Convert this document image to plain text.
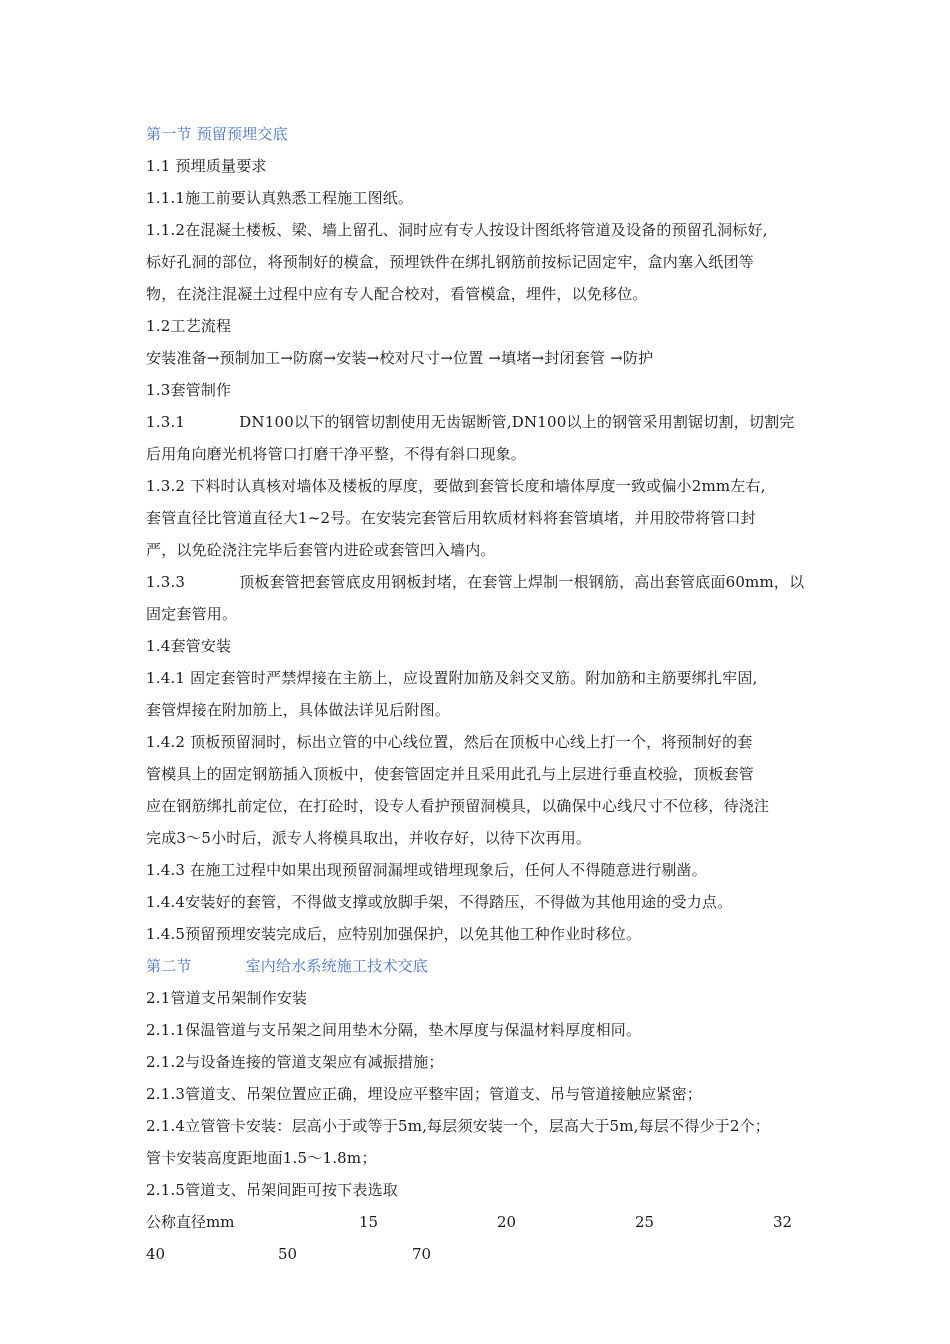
第一节 预留预埋交底
1.1 预埋质量要求
1.1.1施工前要认真熟悉工程施工图纸。
1.1.2在混凝土楼板、梁、墙上留孔、洞时应有专人按设计图纸将管道及设备的预留孔洞标好,
标好孔洞的部位，将预制好的模盒，预埋铁件在绑扎钢筋前按标记固定牢，盒内塞入纸团等
物，在浇注混凝土过程中应有专人配合校对，看管模盒，埋件，以免移位。
1.2工艺流程
安装准备→预制加工→防腐→安装→校对尺寸→位置 →填堵→封闭套管 →防护
1.3套管制作
1.3.1	DN100以下的钢管切割使用无齿锯断管,DN100以上的钢管采用割锯切割，切割完
后用角向磨光机将管口打磨干净平整，不得有斜口现象。
1.3.2 下料时认真核对墙体及楼板的厚度，要做到套管长度和墙体厚度一致或偏小2mm左右,
套管直径比管道直径大1~2号。在安装完套管后用软质材料将套管填堵，并用胶带将管口封
严，以免砼浇注完毕后套管内进砼或套管凹入墙内。
1.3.3	顶板套管把套管底皮用钢板封堵，在套管上焊制一根钢筋，高出套管底面60mm，以
固定套管用。
1.4套管安装
1.4.1 固定套管时严禁焊接在主筋上，应设置附加筋及斜交叉筋。附加筋和主筋要绑扎牢固,
套管焊接在附加筋上，具体做法详见后附图。
1.4.2 顶板预留洞时，标出立管的中心线位置，然后在顶板中心线上打一个，将预制好的套
管模具上的固定钢筋插入顶板中，使套管固定并且采用此孔与上层进行垂直校验，顶板套管
应在钢筋绑扎前定位，在打砼时，设专人看护预留洞模具，以确保中心线尺寸不位移，待浇注
完成3～5小时后，派专人将模具取出，并收存好，以待下次再用。
1.4.3 在施工过程中如果出现预留洞漏埋或错埋现象后，任何人不得随意进行剔凿。
1.4.4安装好的套管，不得做支撑或放脚手架，不得踏压，不得做为其他用途的受力点。
1.4.5预留预埋安装完成后，应特别加强保护，以免其他工种作业时移位。
第二节	室内给水系统施工技术交底
2.1管道支吊架制作安装
2.1.1保温管道与支吊架之间用垫木分隔，垫木厚度与保温材料厚度相同。
2.1.2与设备连接的管道支架应有减振措施；
2.1.3管道支、吊架位置应正确，埋设应平整牢固；管道支、吊与管道接触应紧密；
2.1.4立管管卡安装：层高小于或等于5m,每层须安装一个，层高大于5m,每层不得少于2个；
管卡安装高度距地面1.5～1.8m；
2.1.5管道支、吊架间距可按下表选取
公称直径mm	15	20	25	32
40	50	70
